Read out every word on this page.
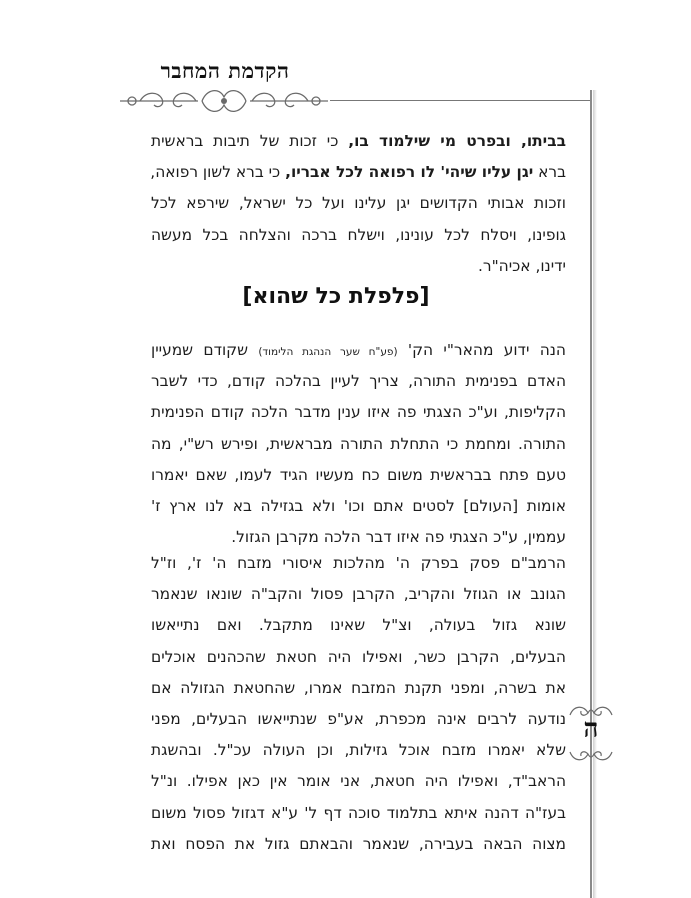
הקדמת המחבר
בביתו, ובפרט מי שילמוד בו, כי זכות של תיבות בראשית
ברא יגן עליו שיהי' לו רפואה לכל אבריו, כי ברא לשון רפואה,
וזכות אבותי הקדושים יגן עלינו ועל כל ישראל, שירפא לכל
גופינו, ויסלח לכל עונינו, וישלח ברכה והצלחה בכל מעשה
ידינו, אכיה"ר.
[פלפלת כל שהוא]
הנה ידוע מהאר"י הק' (פע"ח שער הנהגת הלימוד) שקודם שמעיין
האדם בפנימית התורה, צריך לעיין בהלכה קודם, כדי לשבר
הקליפות, וע"כ הצגתי פה איזו ענין מדבר הלכה קודם הפנימית
התורה. ומחמת כי התחלת התורה מבראשית, ופירש רש"י, מה
טעם פתח בבראשית משום כח מעשיו הגיד לעמו, שאם יאמרו
אומות [העולם] לסטים אתם וכו' ולא בגזילה בא לנו ארץ ז'
עממין, ע"כ הצגתי פה איזו דבר הלכה מקרבן הגזול.
הרמב"ם פסק בפרק ה' מהלכות איסורי מזבח ה' ז', וז"ל
הגונב או הגוזל והקריב, הקרבן פסול והקב"ה שונאו שנאמר
שונא גזול בעולה, וצ"ל שאינו מתקבל. ואם נתייאשו
הבעלים, הקרבן כשר, ואפילו היה חטאת שהכהנים אוכלים
את בשרה, ומפני תקנת המזבח אמרו, שהחטאת הגזולה אם
נודעה לרבים אינה מכפרת, אע"פ שנתייאשו הבעלים, מפני
שלא יאמרו מזבח אוכל גזילות, וכן העולה עכ"ל. ובהשגת
הראב"ד, ואפילו היה חטאת, אני אומר אין כאן אפילו. ונ"ל
בעז"ה דהנה איתא בתלמוד סוכה דף ל' ע"א דגזול פסול משום
מצוה הבאה בעבירה, שנאמר והבאתם גזול את הפסח ואת
ה
